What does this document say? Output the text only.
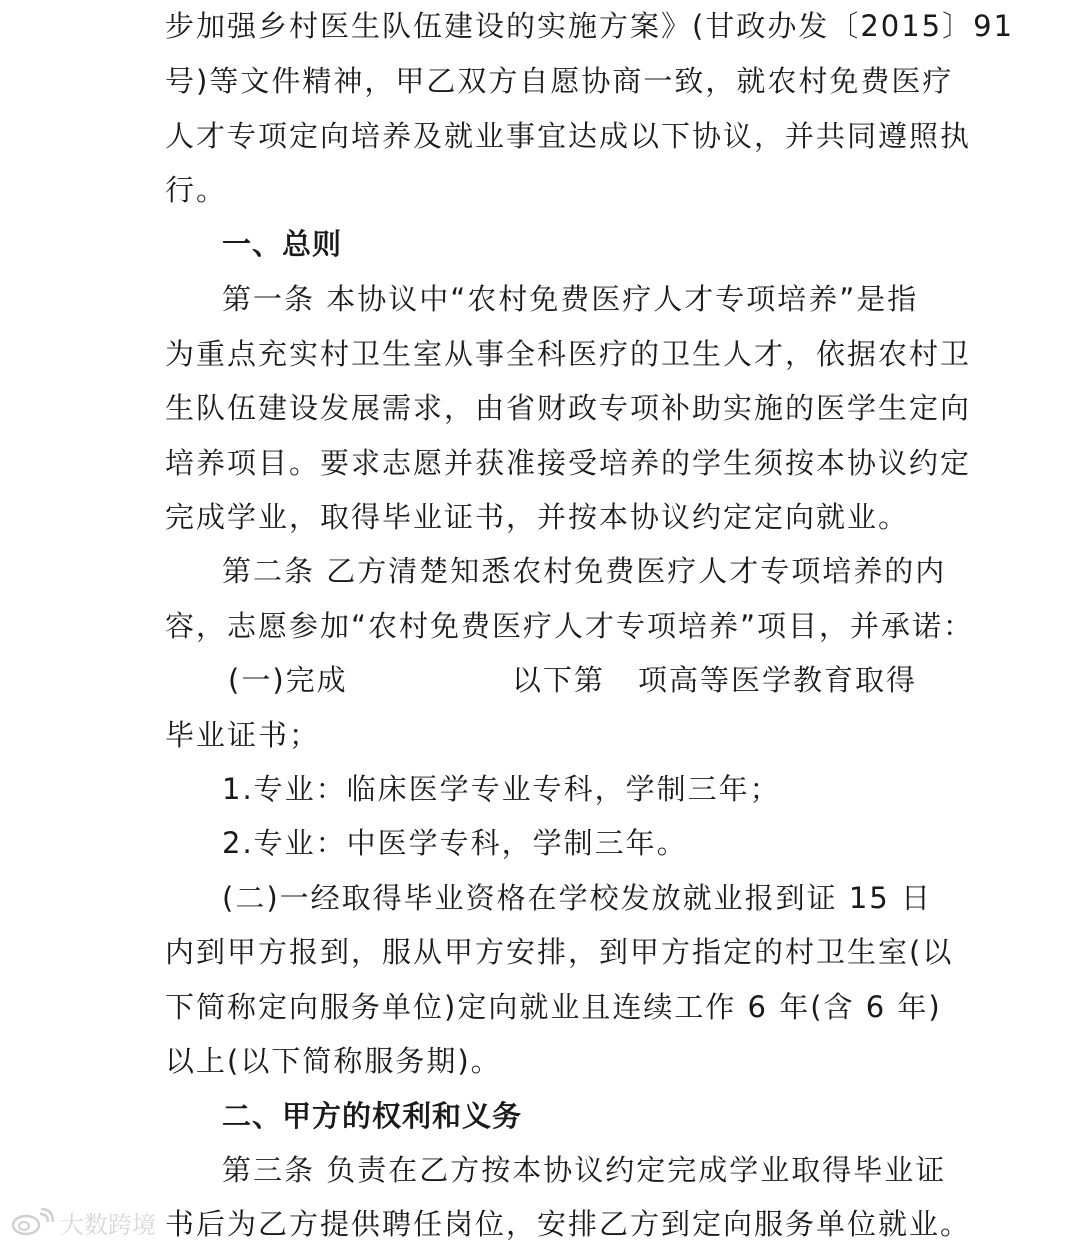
步加强乡村医生队伍建设的实施方案》(甘政办发〔2015〕91
号)等文件精神，甲乙双方自愿协商一致，就农村免费医疗
人才专项定向培养及就业事宜达成以下协议，并共同遵照执
行。
一、总则
第一条 本协议中“农村免费医疗人才专项培养”是指
为重点充实村卫生室从事全科医疗的卫生人才，依据农村卫
生队伍建设发展需求，由省财政专项补助实施的医学生定向
培养项目。要求志愿并获准接受培养的学生须按本协议约定
完成学业，取得毕业证书，并按本协议约定定向就业。
第二条 乙方清楚知悉农村免费医疗人才专项培养的内
容，志愿参加“农村免费医疗人才专项培养”项目，并承诺：
(一)完成	以下第 项高等医学教育取得
毕业证书；
1.专业：临床医学专业专科，学制三年；
2.专业：中医学专科，学制三年。
(二)一经取得毕业资格在学校发放就业报到证 15 日
内到甲方报到，服从甲方安排，到甲方指定的村卫生室(以
下简称定向服务单位)定向就业且连续工作 6 年(含 6 年)
以上(以下简称服务期)。
二、甲方的权利和义务
第三条 负责在乙方按本协议约定完成学业取得毕业证
书后为乙方提供聘任岗位，安排乙方到定向服务单位就业。
大数跨境
